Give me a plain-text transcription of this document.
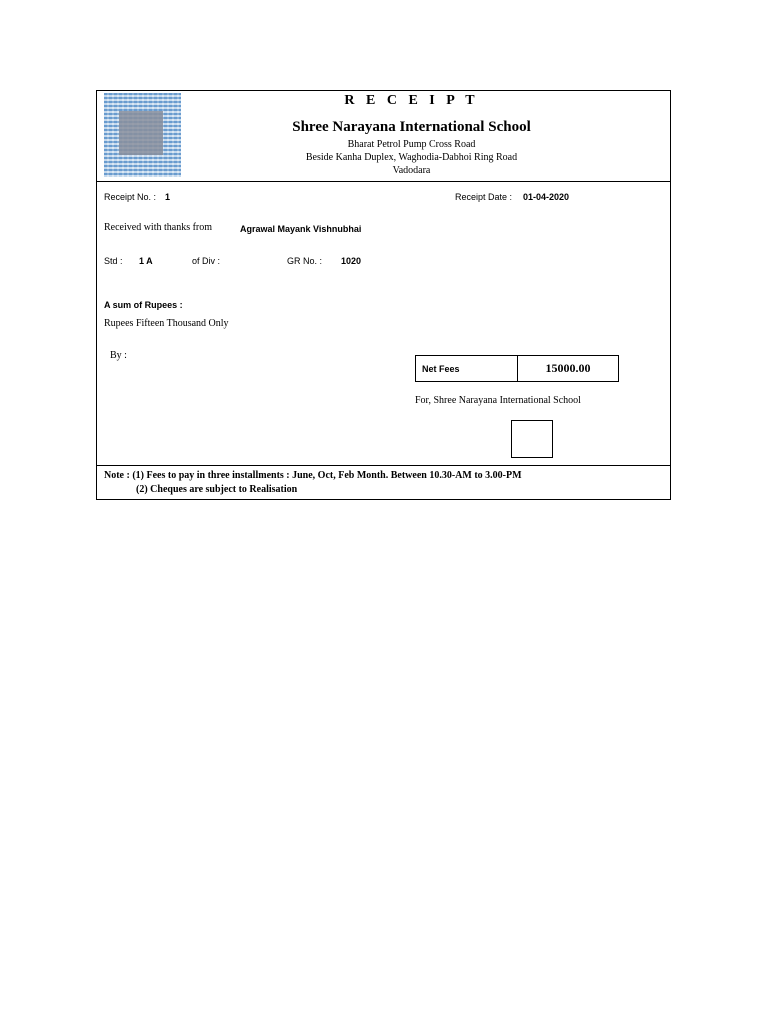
R E C E I P T
Shree Narayana International School
Bharat Petrol Pump Cross Road
Beside Kanha Duplex, Waghodia-Dabhoi Ring Road
Vadodara
Receipt No. : 1	Receipt Date : 01-04-2020
Received with thanks from	Agrawal Mayank Vishnubhai
Std : 1 A	of Div :	GR No. : 1020
A sum of Rupees :
Rupees Fifteen Thousand Only
By :
Net Fees	15000.00
For, Shree Narayana International School
Note : (1) Fees to pay in three installments : June, Oct, Feb Month. Between 10.30-AM to 3.00-PM
(2) Cheques are subject to Realisation
